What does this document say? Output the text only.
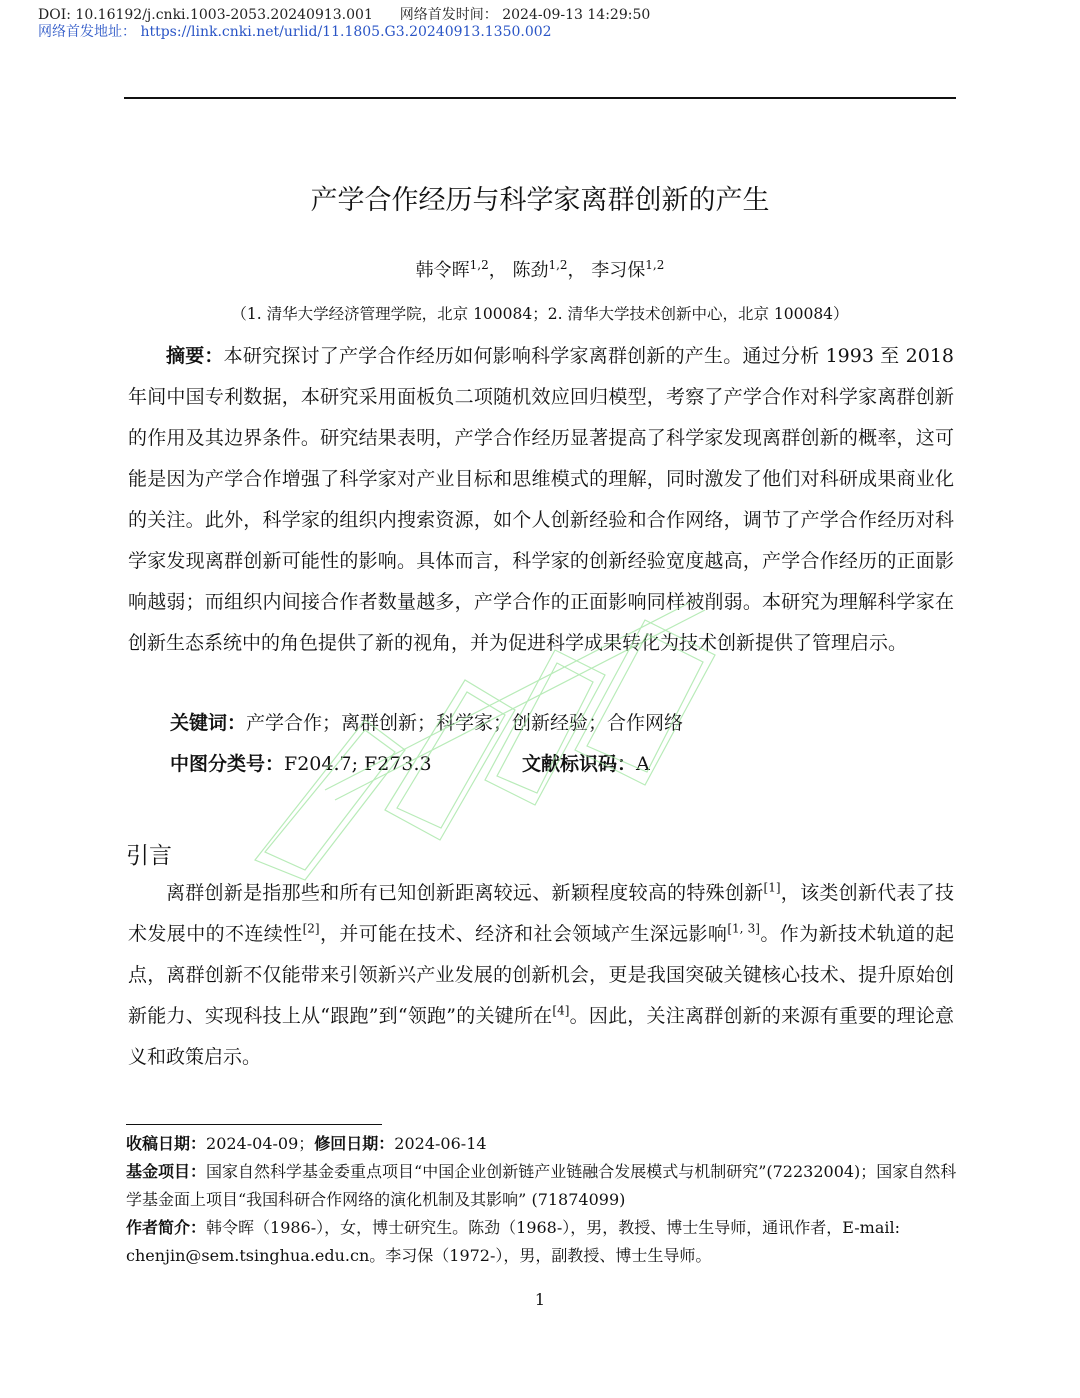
DOI: 10.16192/j.cnki.1003-2053.20240913.001 网络首发时间： 2024-09-13 14:29:50
网络首发地址： https://link.cnki.net/urlid/11.1805.G3.20240913.1350.002
产学合作经历与科学家离群创新的产生
韩令晖$^{1,2}$， 陈劲$^{1,2}$， 李习保$^{1,2}$
（1. 清华大学经济管理学院，北京 100084；2. 清华大学技术创新中心，北京 100084）

摘要：本研究探讨了产学合作经历如何影响科学家离群创新的产生。通过分析 1993 至 2018 年间中国专利数据，本研究采用面板负二项随机效应回归模型，考察了产学合作对科学家离群创新的作用及其边界条件。研究结果表明，产学合作经历显著提高了科学家发现离群创新的概率，这可能是因为产学合作增强了科学家对产业目标和思维模式的理解，同时激发了他们对科研成果商业化的关注。此外，科学家的组织内搜索资源，如个人创新经验和合作网络，调节了产学合作经历对科学家发现离群创新可能性的影响。具体而言，科学家的创新经验宽度越高，产学合作经历的正面影响越弱；而组织内间接合作者数量越多，产学合作的正面影响同样被削弱。本研究为理解科学家在创新生态系统中的角色提供了新的视角，并为促进科学成果转化为技术创新提供了管理启示。

关键词：产学合作；离群创新；科学家；创新经验；合作网络
中图分类号：F204.7; F273.3	文献标识码：A
引言

离群创新是指那些和所有已知创新距离较远、新颖程度较高的特殊创新[1]，该类创新代表了技术发展中的不连续性[2]，并可能在技术、经济和社会领域产生深远影响[1, 3]。作为新技术轨道的起点，离群创新不仅能带来引领新兴产业发展的创新机会，更是我国突破关键核心技术、提升原始创新能力、实现科技上从“跟跑”到“领跑”的关键所在[4]。因此，关注离群创新的来源有重要的理论意义和政策启示。

收稿日期：2024-04-09；修回日期：2024-06-14

基金项目：国家自然科学基金委重点项目“中国企业创新链产业链融合发展模式与机制研究”(72232004)；国家自然科学基金面上项目“我国科研合作网络的演化机制及其影响” (71874099)

作者简介：韩令晖（1986-），女，博士研究生。陈劲（1968-），男，教授、博士生导师，通讯作者，E-mail: chenjin@sem.tsinghua.edu.cn。李习保（1972-），男，副教授、博士生导师。

1
